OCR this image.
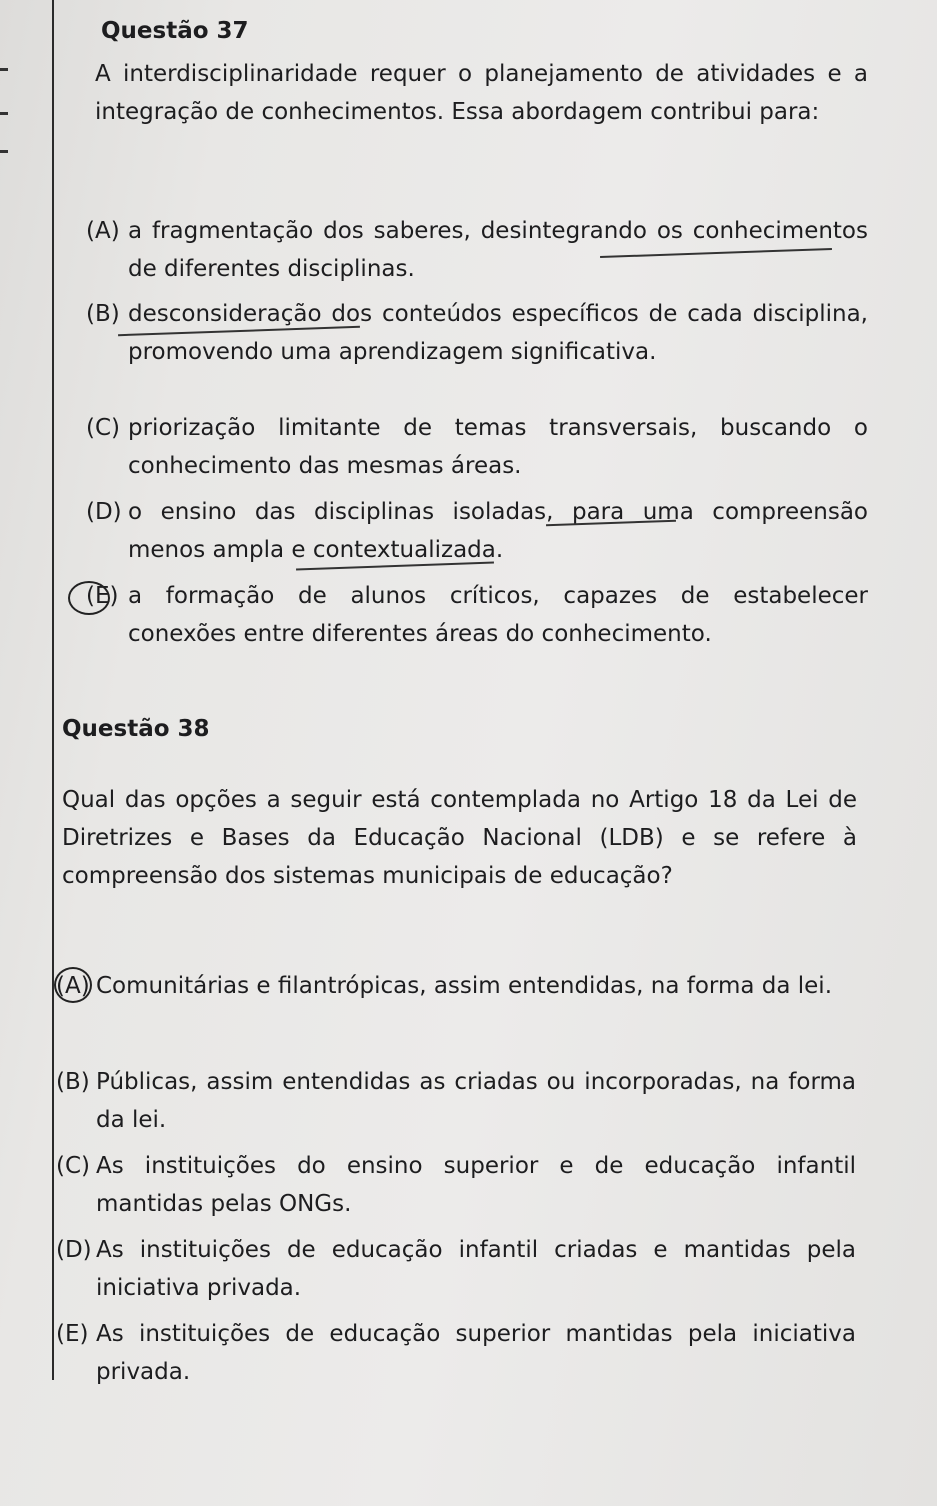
Questão 37

A interdisciplinaridade requer o planejamento de atividades e a integração de conhecimentos. Essa abordagem contribui para:

(A) a fragmentação dos saberes, desintegrando os conhecimentos de diferentes disciplinas.
(B) desconsideração dos conteúdos específicos de cada disciplina, promovendo uma aprendizagem significativa.
(C) priorização limitante de temas transversais, buscando o conhecimento das mesmas áreas.
(D) o ensino das disciplinas isoladas, para uma compreensão menos ampla e contextualizada.
(E) a formação de alunos críticos, capazes de estabelecer conexões entre diferentes áreas do conhecimento.
Questão 38

Qual das opções a seguir está contemplada no Artigo 18 da Lei de Diretrizes e Bases da Educação Nacional (LDB) e se refere à compreensão dos sistemas municipais de educação?

(A) Comunitárias e filantrópicas, assim entendidas, na forma da lei.
(B) Públicas, assim entendidas as criadas ou incorporadas, na forma da lei.
(C) As instituições do ensino superior e de educação infantil mantidas pelas ONGs.
(D) As instituições de educação infantil criadas e mantidas pela iniciativa privada.
(E) As instituições de educação superior mantidas pela iniciativa privada.
